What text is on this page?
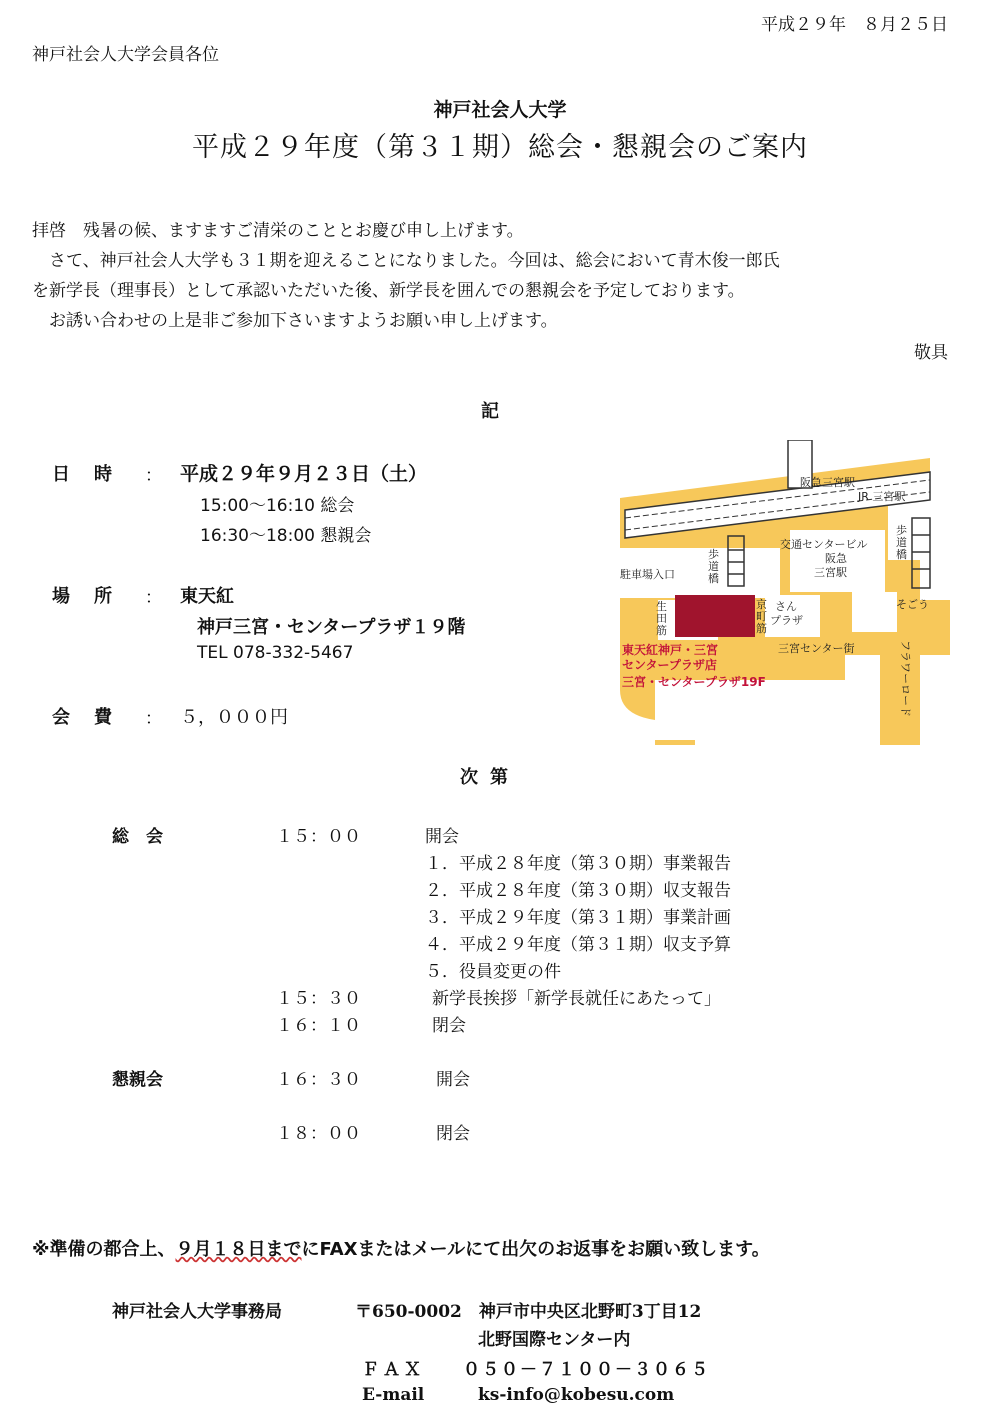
平成２９年　８月２５日
神戸社会人大学会員各位
神戸社会人大学
平成２９年度（第３１期）総会・懇親会のご案内
拝啓　残暑の候、ますますご清栄のこととお慶び申し上げます。
　さて、神戸社会人大学も３１期を迎えることになりました。今回は、総会において青木俊一郎氏
を新学長（理事長）として承認いただいた後、新学長を囲んでの懇親会を予定しております。
　お誘い合わせの上是非ご参加下さいますようお願い申し上げます。
敬具
記
日時 ： 平成２９年９月２３日（土）
15:00～16:10 総会
16:30～18:00 懇親会
場所 ： 東天紅
神戸三宮・センタープラザ１９階
TEL 078-332-5467
会費 ： ５，０００円
阪急三宮駅
JR 三宮駅
交通センタービル
阪急
三宮駅
駐車場入口
歩
道
橋
歩
道
橋
生
田
筋
京
町
筋
さん
プラザ
そごう
三宮センター街	フラワーロード
東天紅神戸・三宮
センタープラザ店
三宮・センタープラザ19F
次第
総　会	１５：００	開会
１．平成２８年度（第３０期）事業報告
２．平成２８年度（第３０期）収支報告
３．平成２９年度（第３１期）事業計画
４．平成２９年度（第３１期）収支予算
５．役員変更の件
１５：３０	新学長挨拶「新学長就任にあたって」
１６：１０	閉会
懇親会	１６：３０	開会
１８：００	閉会
※準備の都合上、９月１８日までにFAXまたはメールにて出欠のお返事をお願い致します。
神戸社会人大学事務局	〒650-0002　神戸市中央区北野町3丁目12
北野国際センター内
ＦＡＸ ０５０－７１００－３０６５
E-mail	ks-info@kobesu.com
